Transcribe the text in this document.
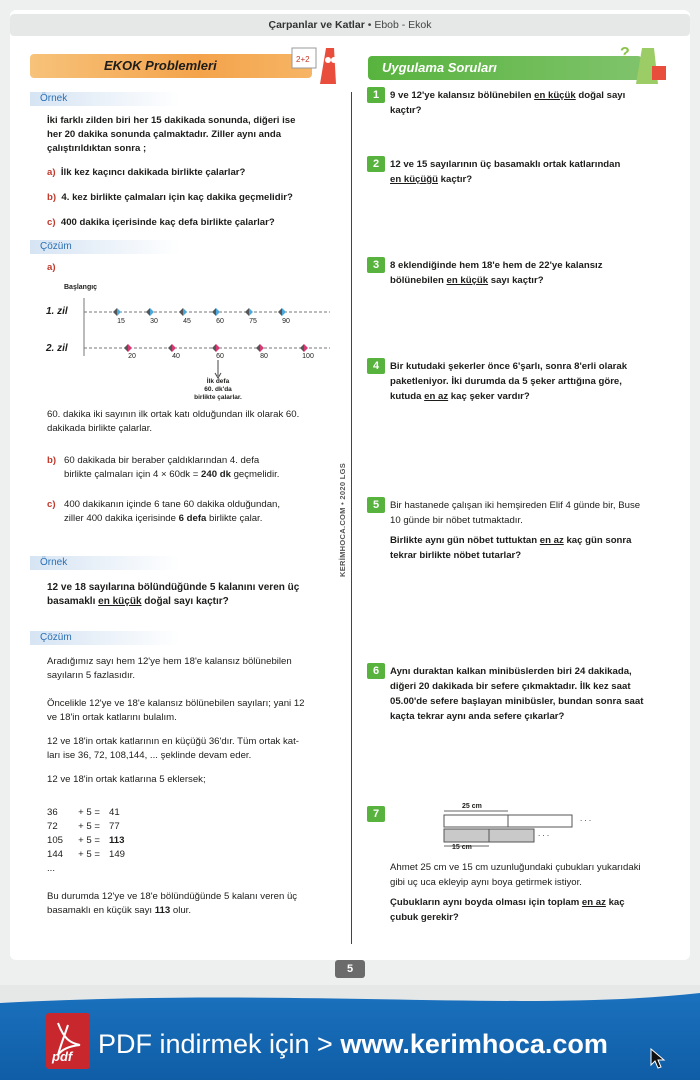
Çarpanlar ve Katlar • Ebob - Ekok
EKOK Problemleri	2+2
Örnek
İki farklı zilden biri her 15 dakikada sonunda, diğeri ise
her 20 dakika sonunda çalmaktadır. Ziller aynı anda
çalıştırıldıktan sonra ;
a) İlk kez kaçıncı dakikada birlikte çalarlar?
b) 4. kez birlikte çalmaları için kaç dakika geçmelidir?
c) 400 dakika içerisinde kaç defa birlikte çalarlar?
Çözüm
a)
Başlangıç
1. zil
2. zil
15	30	45	60	75	90
20	40	60	80	100
İlk defa
60. dk'da
birlikte çalarlar.
60. dakika iki sayının ilk ortak katı olduğundan ilk olarak 60.
dakikada birlikte çalarlar.
b) 60 dakikada bir beraber çaldıklarından 4. defa
birlikte çalmaları için 4 × 60dk = 240 dk geçmelidir.
c) 400 dakikanın içinde 6 tane 60 dakika olduğundan,
ziller 400 dakika içerisinde 6 defa birlikte çalar.
Örnek
12 ve 18 sayılarına bölündüğünde 5 kalanını veren üç
basamaklı en küçük doğal sayı kaçtır?
Çözüm
Aradığımız sayı hem 12'ye hem 18'e kalansız bölünebilen
sayıların 5 fazlasıdır.
Öncelikle 12'ye ve 18'e kalansız bölünebilen sayıları; yani 12
ve 18'in ortak katlarını bulalım.
12 ve 18'in ortak katlarının en küçüğü 36'dır. Tüm ortak kat-
ları ise 36, 72, 108,144, ... şeklinde devam eder.
12 ve 18'in ortak katlarına 5 eklersek;
36 + 5 = 41
72 + 5 = 77
105 + 5 = 113
144 + 5 = 149
...
Bu durumda 12'ye ve 18'e bölündüğünde 5 kalanı veren üç
basamaklı en küçük sayı 113 olur.
KERİMHOCA.COM • 2020 LGS
Uygulama Soruları
?
1	9 ve 12'ye kalansız bölünebilen en küçük doğal sayı
kaçtır?
2	12 ve 15 sayılarının üç basamaklı ortak katlarından
en küçüğü kaçtır?
3	8 eklendiğinde hem 18'e hem de 22'ye kalansız
bölünebilen en küçük sayı kaçtır?
4	Bir kutudaki şekerler önce 6'şarlı, sonra 8'erli olarak
paketleniyor. İki durumda da 5 şeker arttığına göre,
kutuda en az kaç şeker vardır?
5	Bir hastanede çalışan iki hemşireden Elif 4 günde bir, Buse
10 günde bir nöbet tutmaktadır.
Birlikte aynı gün nöbet tuttuktan en az kaç gün sonra
tekrar birlikte nöbet tutarlar?
6	Aynı duraktan kalkan minibüslerden biri 24 dakikada,
diğeri 20 dakikada bir sefere çıkmaktadır. İlk kez saat
05.00'de sefere başlayan minibüsler, bundan sonra saat
kaçta tekrar aynı anda sefere çıkarlar?
7
25 cm
. . .
. . .
15 cm
Ahmet 25 cm ve 15 cm uzunluğundaki çubukları yukarıdaki
gibi uç uca ekleyip aynı boya getirmek istiyor.
Çubukların aynı boyda olması için toplam en az kaç
çubuk gerekir?
5
pdf PDF indirmek için > www.kerimhoca.com
